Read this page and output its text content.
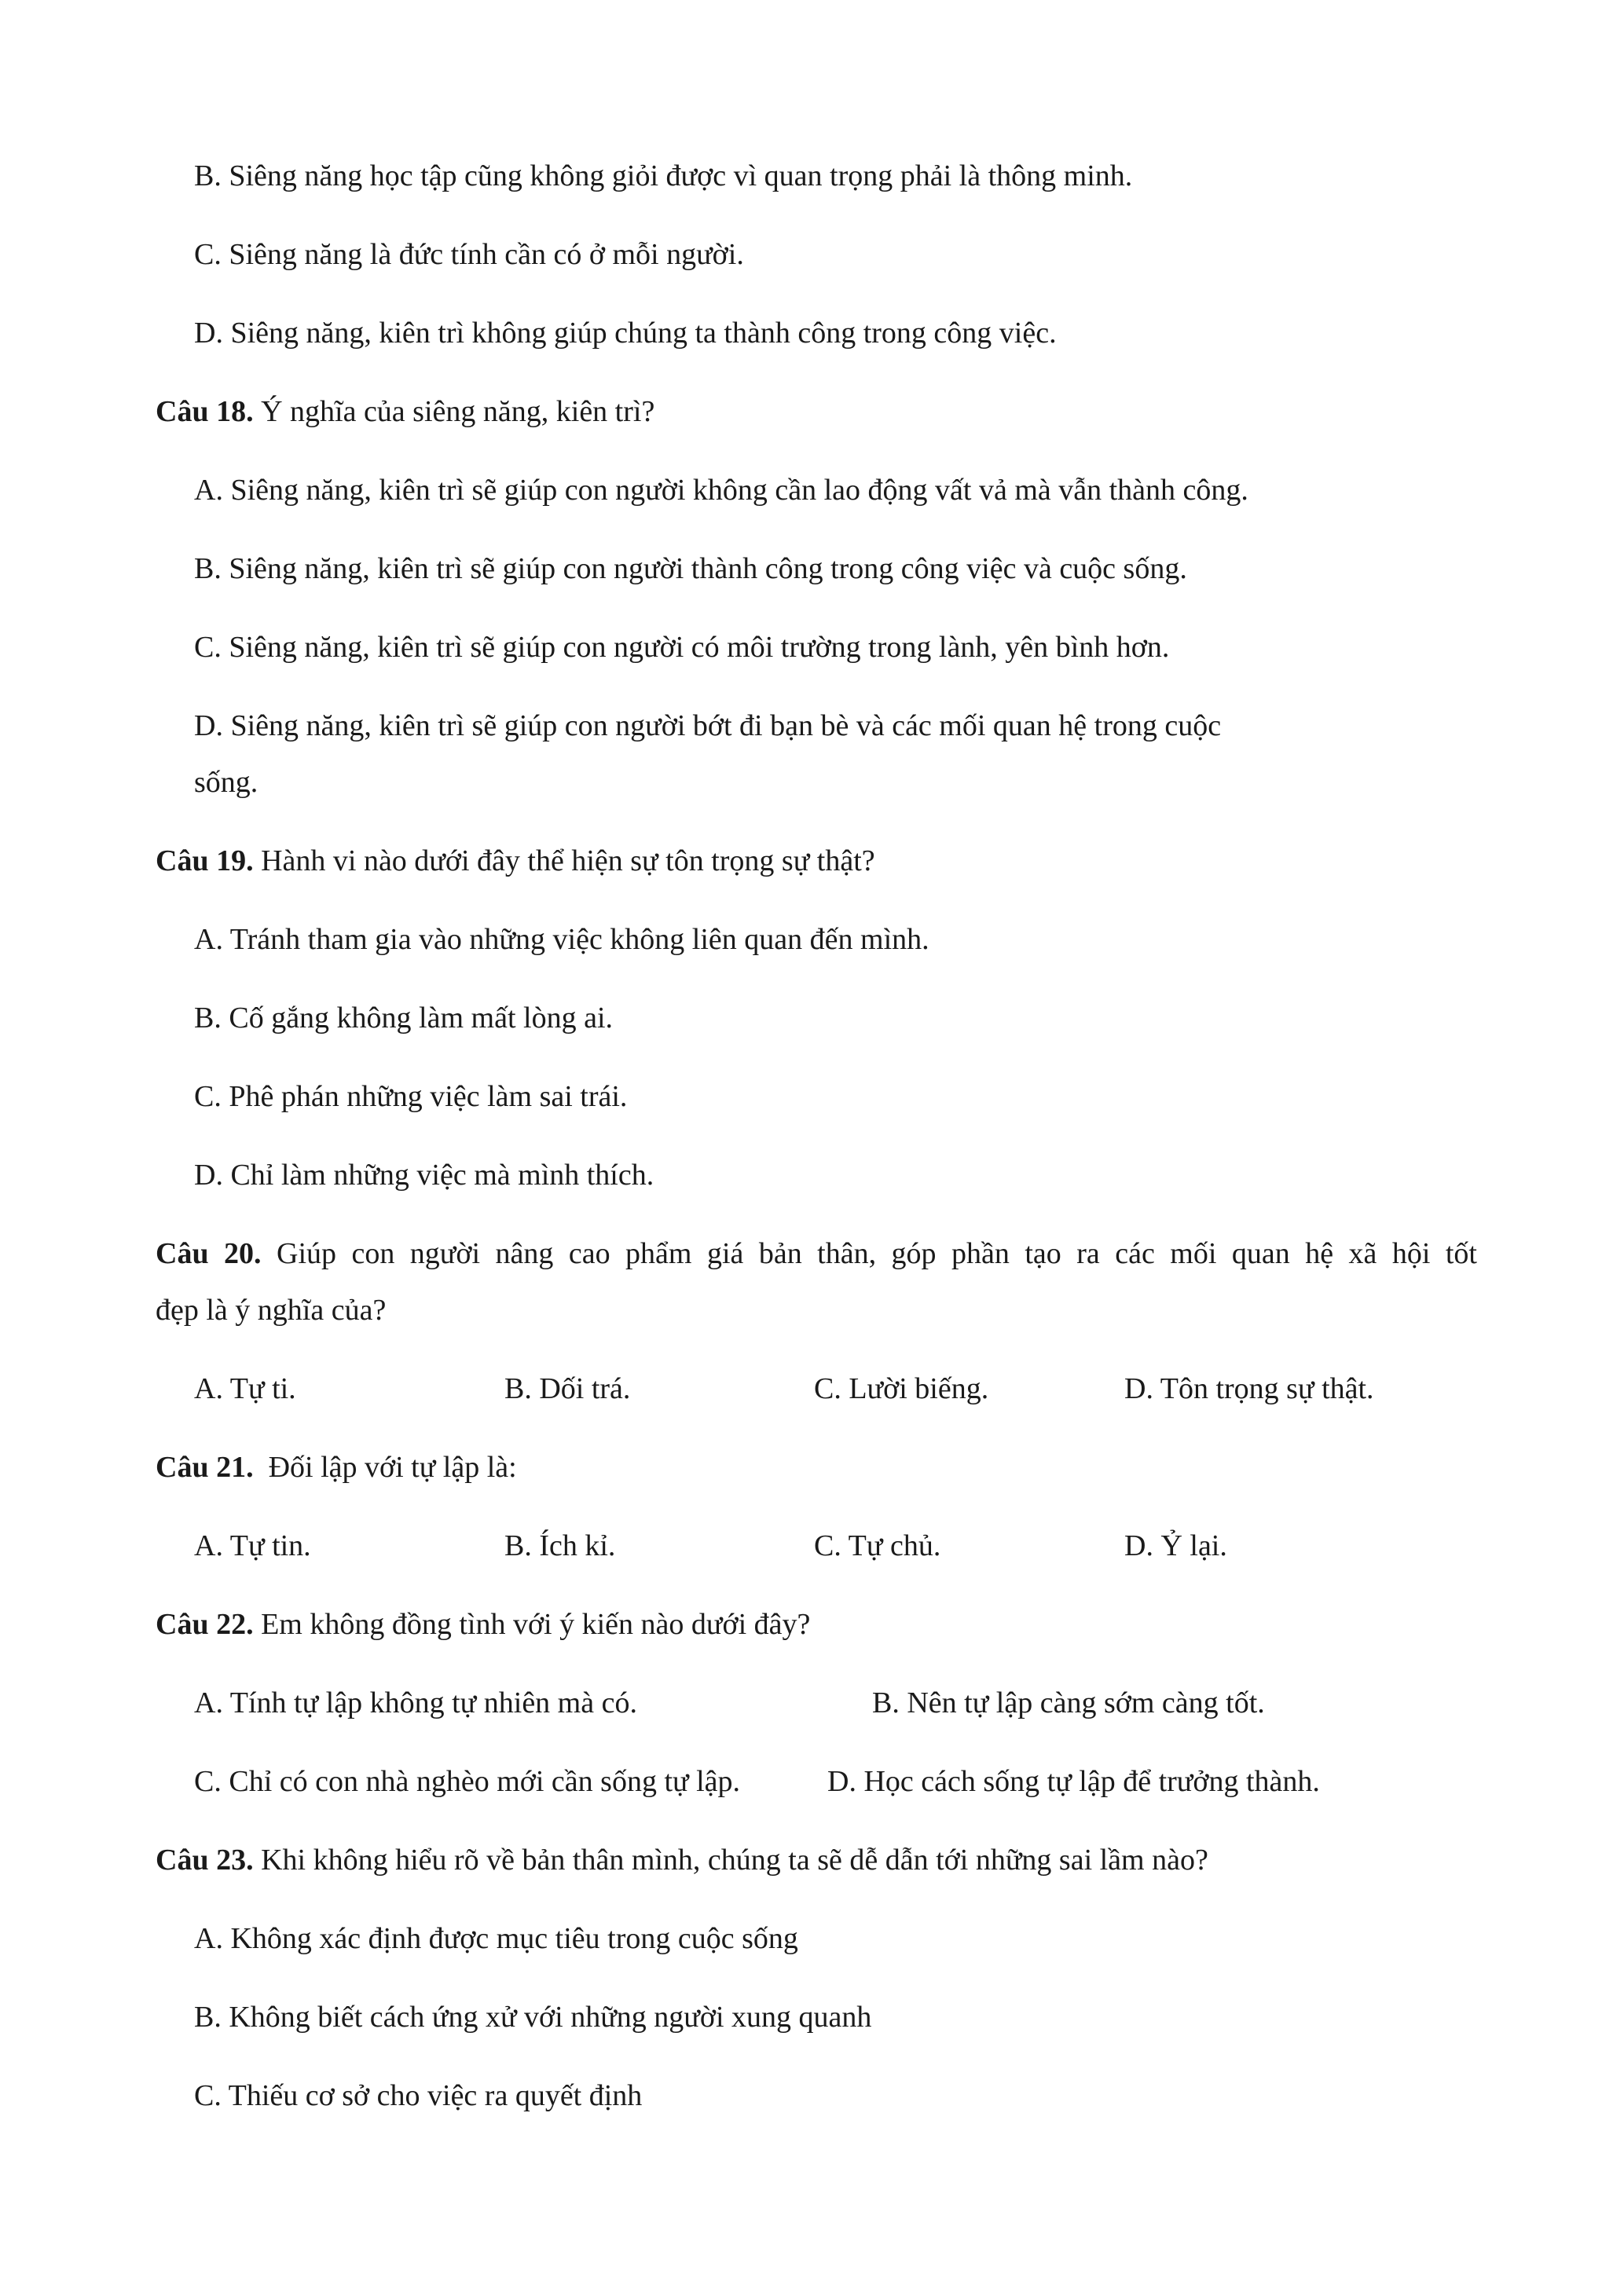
B. Siêng năng học tập cũng không giỏi được vì quan trọng phải là thông minh.
C. Siêng năng là đức tính cần có ở mỗi người.
D. Siêng năng, kiên trì không giúp chúng ta thành công trong công việc.
Câu 18. Ý nghĩa của siêng năng, kiên trì?
A. Siêng năng, kiên trì sẽ giúp con người không cần lao động vất vả mà vẫn thành công.
B. Siêng năng, kiên trì sẽ giúp con người thành công trong công việc và cuộc sống.
C. Siêng năng, kiên trì sẽ giúp con người có môi trường trong lành, yên bình hơn.
D. Siêng năng, kiên trì sẽ giúp con người bớt đi bạn bè và các mối quan hệ trong cuộc
sống.
Câu 19. Hành vi nào dưới đây thể hiện sự tôn trọng sự thật?
A. Tránh tham gia vào những việc không liên quan đến mình.
B. Cố gắng không làm mất lòng ai.
C. Phê phán những việc làm sai trái.
D. Chỉ làm những việc mà mình thích.
Câu 20. Giúp con người nâng cao phẩm giá bản thân, góp phần tạo ra các mối quan hệ xã hội tốt
đẹp là ý nghĩa của?
A. Tự ti.	B. Dối trá.	C. Lười biếng.	D. Tôn trọng sự thật.
Câu 21.  Đối lập với tự lập là:
A. Tự tin.	B. Ích kỉ.	C. Tự chủ.	D. Ỷ lại.
Câu 22. Em không đồng tình với ý kiến nào dưới đây?
A. Tính tự lập không tự nhiên mà có.	B. Nên tự lập càng sớm càng tốt.
C. Chỉ có con nhà nghèo mới cần sống tự lập.	D. Học cách sống tự lập để trưởng thành.
Câu 23. Khi không hiểu rõ về bản thân mình, chúng ta sẽ dễ dẫn tới những sai lầm nào?
A. Không xác định được mục tiêu trong cuộc sống
B. Không biết cách ứng xử với những người xung quanh
C. Thiếu cơ sở cho việc ra quyết định
